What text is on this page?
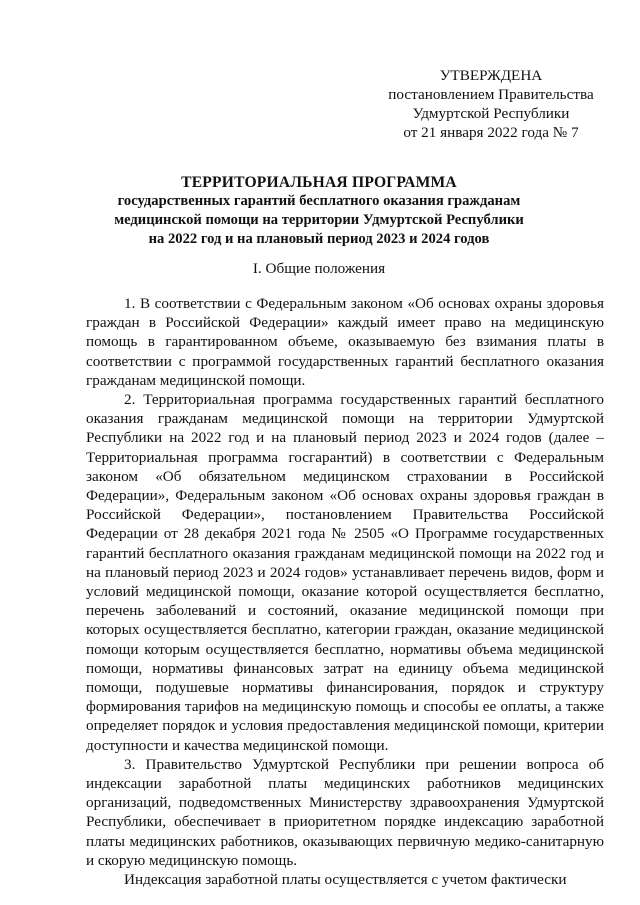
УТВЕРЖДЕНА
постановлением Правительства
Удмуртской Республики
от 21 января 2022 года № 7
ТЕРРИТОРИАЛЬНАЯ ПРОГРАММА
государственных гарантий бесплатного оказания гражданам
медицинской помощи на территории Удмуртской Республики
на 2022 год и на плановый период 2023 и 2024 годов
I. Общие положения

1. В соответствии с Федеральным законом «Об основах охраны здоровья граждан в Российской Федерации» каждый имеет право на медицинскую помощь в гарантированном объеме, оказываемую без взимания платы в соответствии с программой государственных гарантий бесплатного оказания гражданам медицинской помощи.

2. Территориальная программа государственных гарантий бесплатного оказания гражданам медицинской помощи на территории Удмуртской Республики на 2022 год и на плановый период 2023 и 2024 годов (далее – Территориальная программа госгарантий) в соответствии с Федеральным законом «Об обязательном медицинском страховании в Российской Федерации», Федеральным законом «Об основах охраны здоровья граждан в Российской Федерации», постановлением Правительства Российской Федерации от 28 декабря 2021 года № 2505 «О Программе государственных гарантий бесплатного оказания гражданам медицинской помощи на 2022 год и на плановый период 2023 и 2024 годов» устанавливает перечень видов, форм и условий медицинской помощи, оказание которой осуществляется бесплатно, перечень заболеваний и состояний, оказание медицинской помощи при которых осуществляется бесплатно, категории граждан, оказание медицинской помощи которым осуществляется бесплатно, нормативы объема медицинской помощи, нормативы финансовых затрат на единицу объема медицинской помощи, подушевые нормативы финансирования, порядок и структуру формирования тарифов на медицинскую помощь и способы ее оплаты, а также определяет порядок и условия предоставления медицинской помощи, критерии доступности и качества медицинской помощи.

3. Правительство Удмуртской Республики при решении вопроса об индексации заработной платы медицинских работников медицинских организаций, подведомственных Министерству здравоохранения Удмуртской Республики, обеспечивает в приоритетном порядке индексацию заработной платы медицинских работников, оказывающих первичную медико-санитарную и скорую медицинскую помощь.

Индексация заработной платы осуществляется с учетом фактически
